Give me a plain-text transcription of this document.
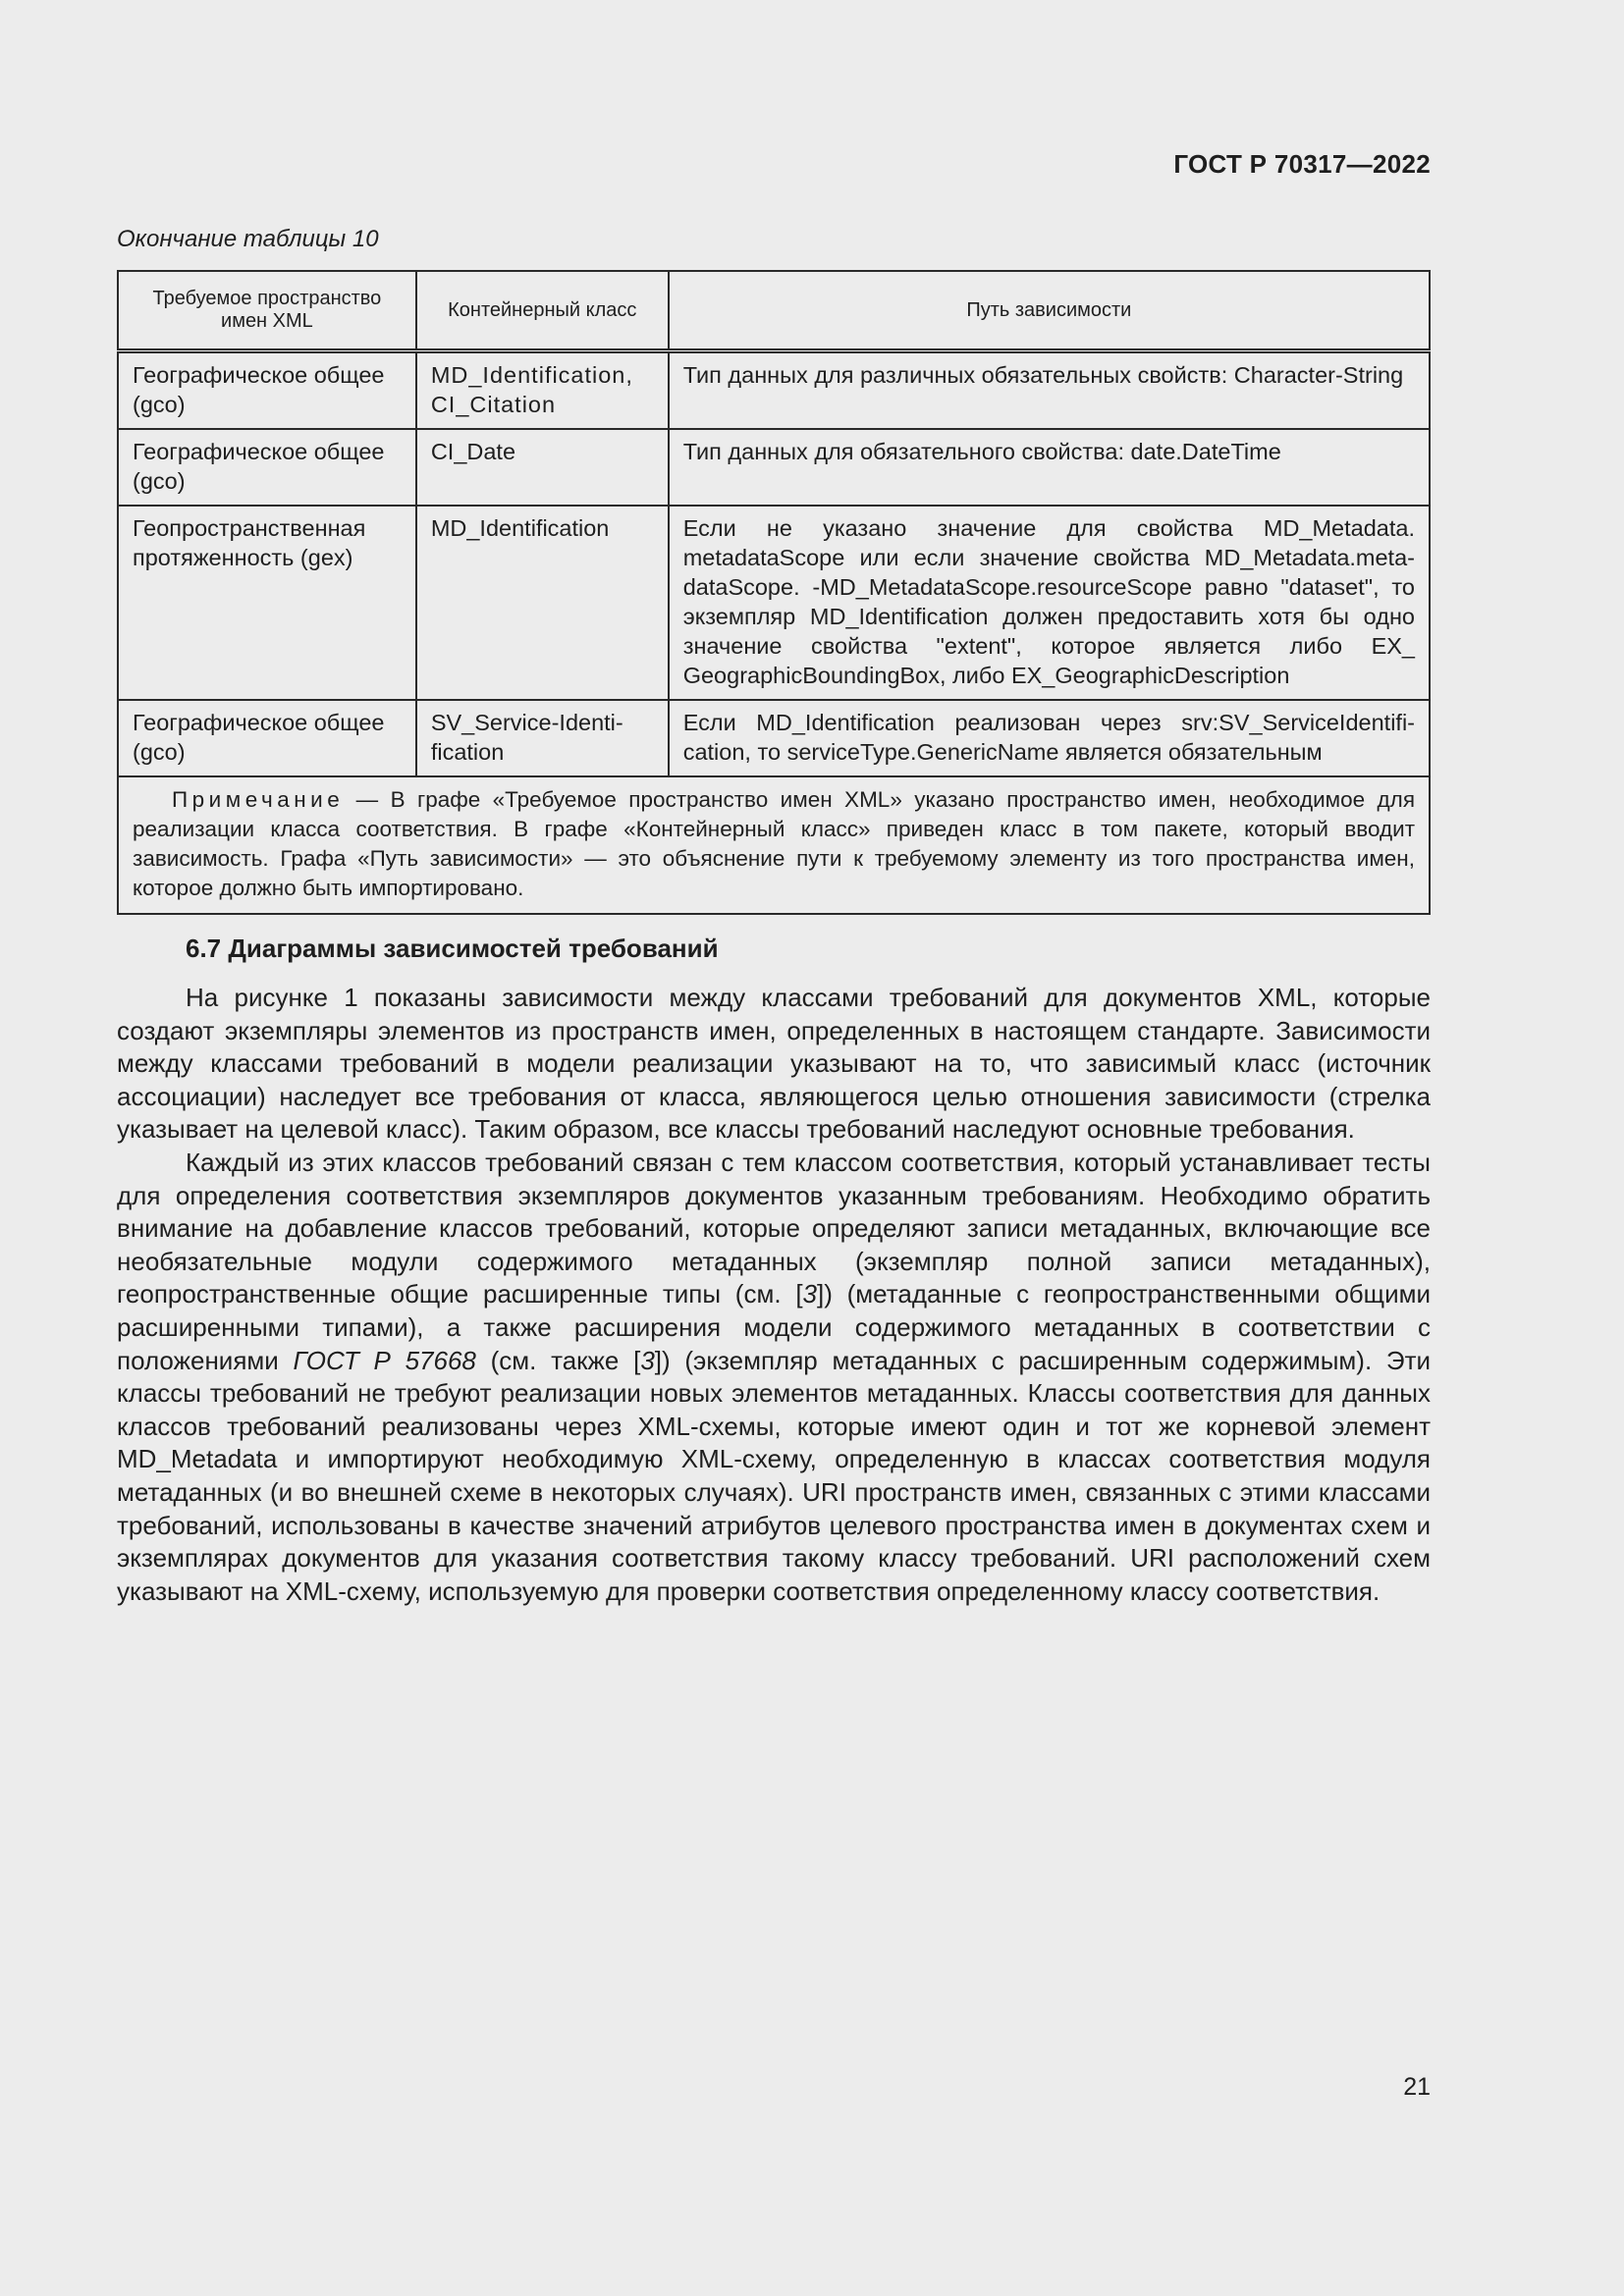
ГОСТ Р 70317—2022
Окончание таблицы 10
Требуемое пространство имен XML	Контейнерный класс	Путь зависимости
Географическое общее (gco)	MD_Identification, CI_Citation	Тип данных для различных обязательных свойств: Character-String
Географическое общее (gco)	CI_Date	Тип данных для обязательного свойства: date.DateTime
Геопространственная протяженность (gex)	MD_Identification	Если не указано значение для свойства MD_Metadata. metadataScope или если значение свойства MD_Metadata.meta-dataScope. -MD_MetadataScope.resourceScope равно "dataset", то экземпляр MD_Identification должен предоставить хотя бы одно значение свойства "extent", которое является либо EX_ GeographicBoundingBox, либо EX_GeographicDescription
Географическое общее (gco)	SV_Service-Identi-fication	Если MD_Identification реализован через srv:SV_ServiceIdentifi-cation, то serviceType.GenericName является обязательным
Примечание — В графе «Требуемое пространство имен XML» указано пространство имен, необходимое для реализации класса соответствия. В графе «Контейнерный класс» приведен класс в том пакете, который вводит зависимость. Графа «Путь зависимости» — это объяснение пути к требуемому элементу из того пространства имен, которое должно быть импортировано.		
6.7 Диаграммы зависимостей требований

На рисунке 1 показаны зависимости между классами требований для документов XML, которые создают экземпляры элементов из пространств имен, определенных в настоящем стандарте. Зависимости между классами требований в модели реализации указывают на то, что зависимый класс (источник ассоциации) наследует все требования от класса, являющегося целью отношения зависимости (стрелка указывает на целевой класс). Таким образом, все классы требований наследуют основные требования.

Каждый из этих классов требований связан с тем классом соответствия, который устанавливает тесты для определения соответствия экземпляров документов указанным требованиям. Необходимо обратить внимание на добавление классов требований, которые определяют записи метаданных, включающие все необязательные модули содержимого метаданных (экземпляр полной записи метаданных), геопространственные общие расширенные типы (см. [3]) (метаданные с геопространственными общими расширенными типами), а также расширения модели содержимого метаданных в соответствии с положениями ГОСТ Р 57668 (см. также [3]) (экземпляр метаданных с расширенным содержимым). Эти классы требований не требуют реализации новых элементов метаданных. Классы соответствия для данных классов требований реализованы через XML-схемы, которые имеют один и тот же корневой элемент MD_Metadata и импортируют необходимую XML-схему, определенную в классах соответствия модуля метаданных (и во внешней схеме в некоторых случаях). URI пространств имен, связанных с этими классами требований, использованы в качестве значений атрибутов целевого пространства имен в документах схем и экземплярах документов для указания соответствия такому классу требований. URI расположений схем указывают на XML-схему, используемую для проверки соответствия определенному классу соответствия.

21
